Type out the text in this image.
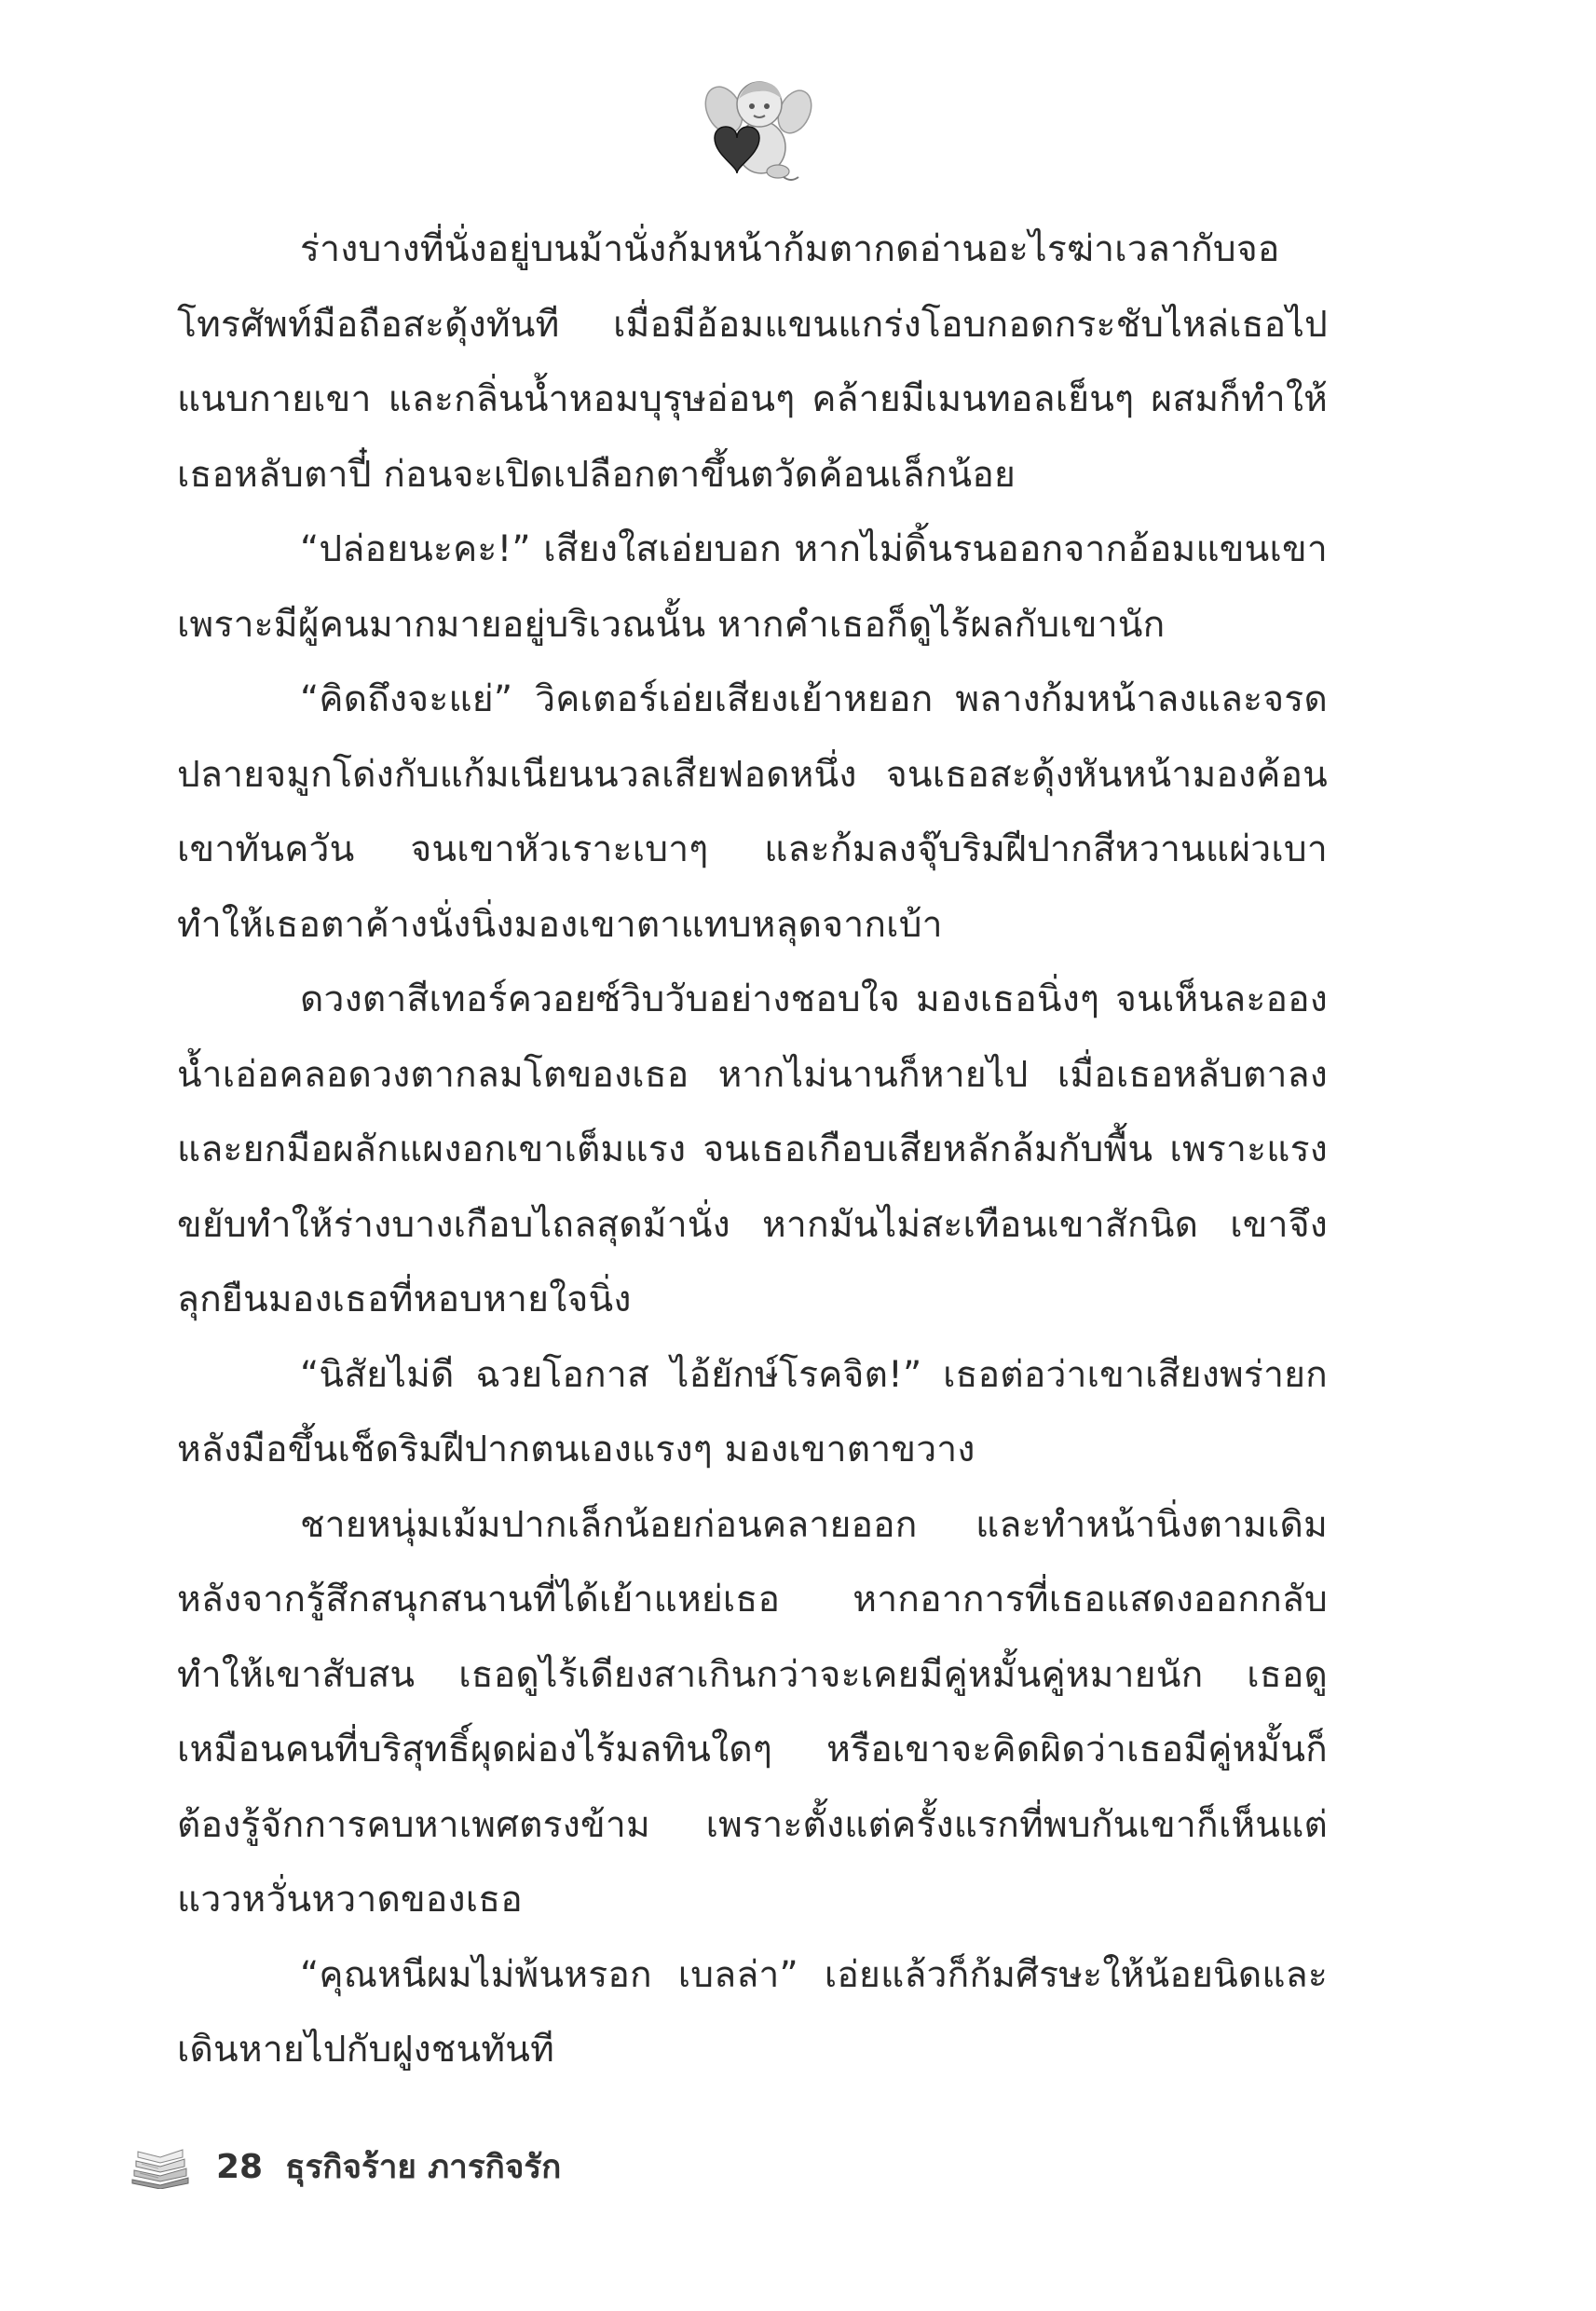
ร่างบางที่นั่งอยู่บนม้านั่งก้มหน้าก้มตากดอ่านอะไรฆ่าเวลากับจอโทรศัพท์มือถือสะดุ้งทันที เมื่อมีอ้อมแขนแกร่งโอบกอดกระชับไหล่เธอไปแนบกายเขา และกลิ่นน้ำหอมบุรุษอ่อนๆ คล้ายมีเมนทอลเย็นๆ ผสมก็ทำให้เธอหลับตาปี๋ ก่อนจะเปิดเปลือกตาขึ้นตวัดค้อนเล็กน้อย

“ปล่อยนะคะ!” เสียงใสเอ่ยบอก หากไม่ดิ้นรนออกจากอ้อมแขนเขา เพราะมีผู้คนมากมายอยู่บริเวณนั้น หากคำเธอก็ดูไร้ผลกับเขานัก

“คิดถึงจะแย่” วิคเตอร์เอ่ยเสียงเย้าหยอก พลางก้มหน้าลงและจรดปลายจมูกโด่งกับแก้มเนียนนวลเสียฟอดหนึ่ง จนเธอสะดุ้งหันหน้ามองค้อนเขาทันควัน จนเขาหัวเราะเบาๆ และก้มลงจุ๊บริมฝีปากสีหวานแผ่วเบา ทำให้เธอตาค้างนั่งนิ่งมองเขาตาแทบหลุดจากเบ้า

ดวงตาสีเทอร์ควอยซ์วิบวับอย่างชอบใจ มองเธอนิ่งๆ จนเห็นละอองน้ำเอ่อคลอดวงตากลมโตของเธอ หากไม่นานก็หายไป เมื่อเธอหลับตาลงและยกมือผลักแผงอกเขาเต็มแรง จนเธอเกือบเสียหลักล้มกับพื้น เพราะแรงขยับทำให้ร่างบางเกือบไถลสุดม้านั่ง หากมันไม่สะเทือนเขาสักนิด เขาจึงลุกยืนมองเธอที่หอบหายใจนิ่ง

“นิสัยไม่ดี ฉวยโอกาส ไอ้ยักษ์โรคจิต!” เธอต่อว่าเขาเสียงพร่ายกหลังมือขึ้นเช็ดริมฝีปากตนเองแรงๆ มองเขาตาขวาง

ชายหนุ่มเม้มปากเล็กน้อยก่อนคลายออก และทำหน้านิ่งตามเดิมหลังจากรู้สึกสนุกสนานที่ได้เย้าแหย่เธอ หากอาการที่เธอแสดงออกกลับทำให้เขาสับสน เธอดูไร้เดียงสาเกินกว่าจะเคยมีคู่หมั้นคู่หมายนัก เธอดูเหมือนคนที่บริสุทธิ์ผุดผ่องไร้มลทินใดๆ หรือเขาจะคิดผิดว่าเธอมีคู่หมั้นก็ต้องรู้จักการคบหาเพศตรงข้าม เพราะตั้งแต่ครั้งแรกที่พบกันเขาก็เห็นแต่แววหวั่นหวาดของเธอ

“คุณหนีผมไม่พ้นหรอก เบลล่า” เอ่ยแล้วก็ก้มศีรษะให้น้อยนิดและเดินหายไปกับฝูงชนทันที

28 ธุรกิจร้าย ภารกิจรัก
